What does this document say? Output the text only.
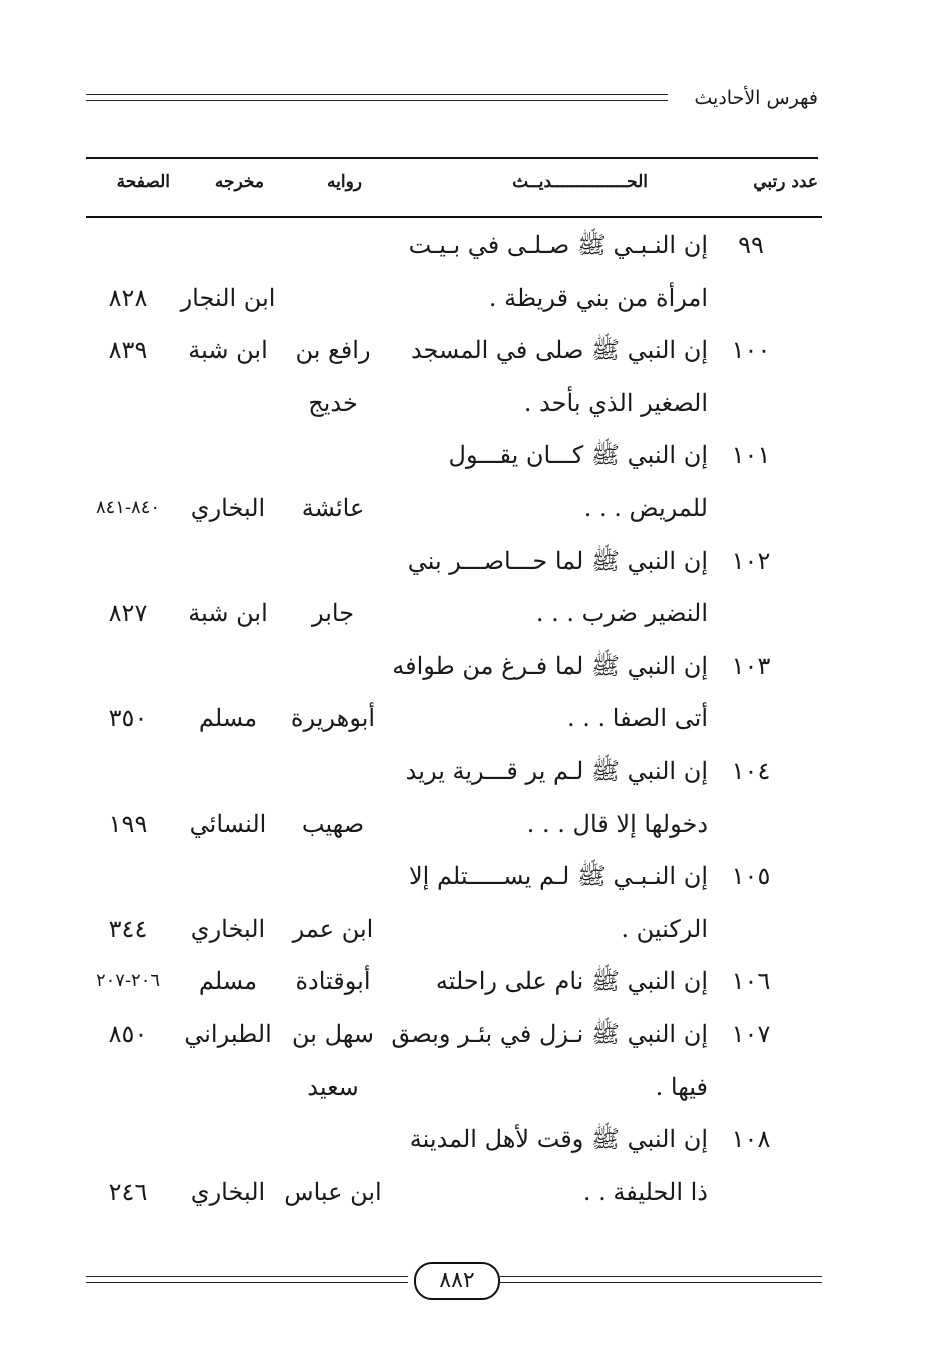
فهرس الأحاديث
عدد رتبي
الحـــــــــــــــديــث
روايه
مخرجه
الصفحة
٩٩
إن النـبـي ﷺ صـلـى في بـيـت
امرأة من بني قريظة .
ابن النجار
٨٢٨
١٠٠
إن النبي ﷺ صلى في المسجد
رافع بن
ابن شبة
٨٣٩
الصغير الذي بأحد .
خديج
١٠١
إن النبي ﷺ كـــان يقـــول
للمريض . . .
عائشة
البخاري
٨٤٠-٨٤١
١٠٢
إن النبي ﷺ لما حـــاصـــر بني
النضير ضرب . . .
جابر
ابن شبة
٨٢٧
١٠٣
إن النبي ﷺ لما فـرغ من طوافه
أتى الصفا . . .
أبوهريرة
مسلم
٣٥٠
١٠٤
إن النبي ﷺ لـم ير قـــرية يريد
دخولها إلا قال . . .
صهيب
النسائي
١٩٩
١٠٥
إن النـبـي ﷺ لـم يســـــتلم إلا
الركنين .
ابن عمر
البخاري
٣٤٤
١٠٦
إن النبي ﷺ نام على راحلته
أبوقتادة
مسلم
٢٠٦-٢٠٧
١٠٧
إن النبي ﷺ نـزل في بئـر وبصق
سهل بن
الطبراني
٨٥٠
فيها .
سعيد
١٠٨
إن النبي ﷺ وقت لأهل المدينة
ذا الحليفة . .
ابن عباس
البخاري
٢٤٦
٨٨٢
